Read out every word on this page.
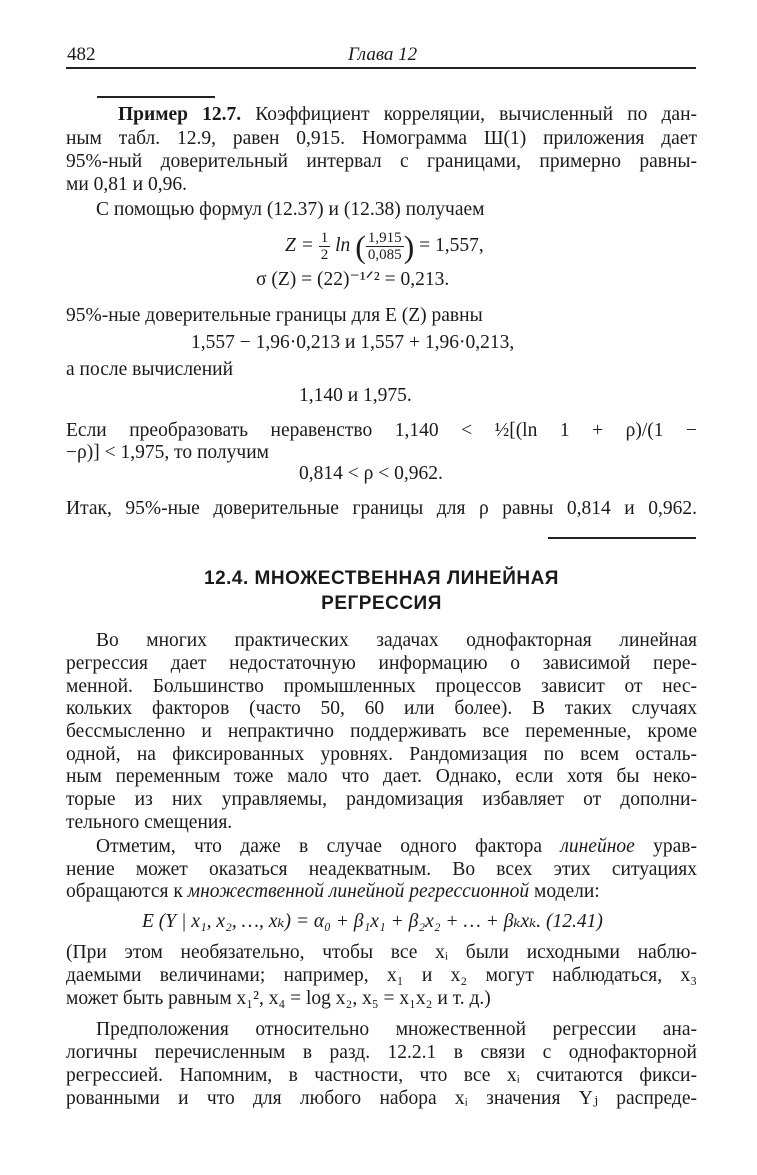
482	Глава 12
Пример 12.7. Коэффициент корреляции, вычисленный по дан-
ным табл. 12.9, равен 0,915. Номограмма Ш(1) приложения дает
95%-ный доверительный интервал с границами, примерно равны-
ми 0,81 и 0,96.
С помощью формул (12.37) и (12.38) получаем
$Z = \frac{1}{2}$ ln ( $\frac{1,915}{0,085}$ ) = 1,557,
σ (Z) = (22)⁻¹ᐟ² = 0,213.
95%-ные доверительные границы для E (Z) равны
1,557 − 1,96·0,213 и 1,557 + 1,96·0,213,
а после вычислений
1,140 и 1,975.
Если преобразовать неравенство 1,140 < ½[(ln 1 + ρ)/(1 −
−ρ)] < 1,975, то получим
0,814 < ρ < 0,962.
Итак, 95%-ные доверительные границы для ρ равны 0,814 и 0,962.
12.4. МНОЖЕСТВЕННАЯ ЛИНЕЙНАЯ
РЕГРЕССИЯ
Во многих практических задачах однофакторная линейная
регрессия дает недостаточную информацию о зависимой пере-
менной. Большинство промышленных процессов зависит от нес-
кольких факторов (часто 50, 60 или более). В таких случаях
бессмысленно и непрактично поддерживать все переменные, кроме
одной, на фиксированных уровнях. Рандомизация по всем осталь-
ным переменным тоже мало что дает. Однако, если хотя бы неко-
торые из них управляемы, рандомизация избавляет от дополни-
тельного смещения.
Отметим, что даже в случае одного фактора линейное урав-
нение может оказаться неадекватным. Во всех этих ситуациях
обращаются к множественной линейной регрессионной модели:
E (Y | x₁, x₂, …, xₖ) = α₀ + β₁x₁ + β₂x₂ + … + βₖxₖ. (12.41)
(При этом необязательно, чтобы все xᵢ были исходными наблю-
даемыми величинами; например, x₁ и x₂ могут наблюдаться, x₃
может быть равным x₁², x₄ = log x₂, x₅ = x₁x₂ и т. д.)
Предположения относительно множественной регрессии ана-
логичны перечисленным в разд. 12.2.1 в связи с однофакторной
регрессией. Напомним, в частности, что все xᵢ считаются фикси-
рованными и что для любого набора xᵢ значения Yⱼ распреде-
